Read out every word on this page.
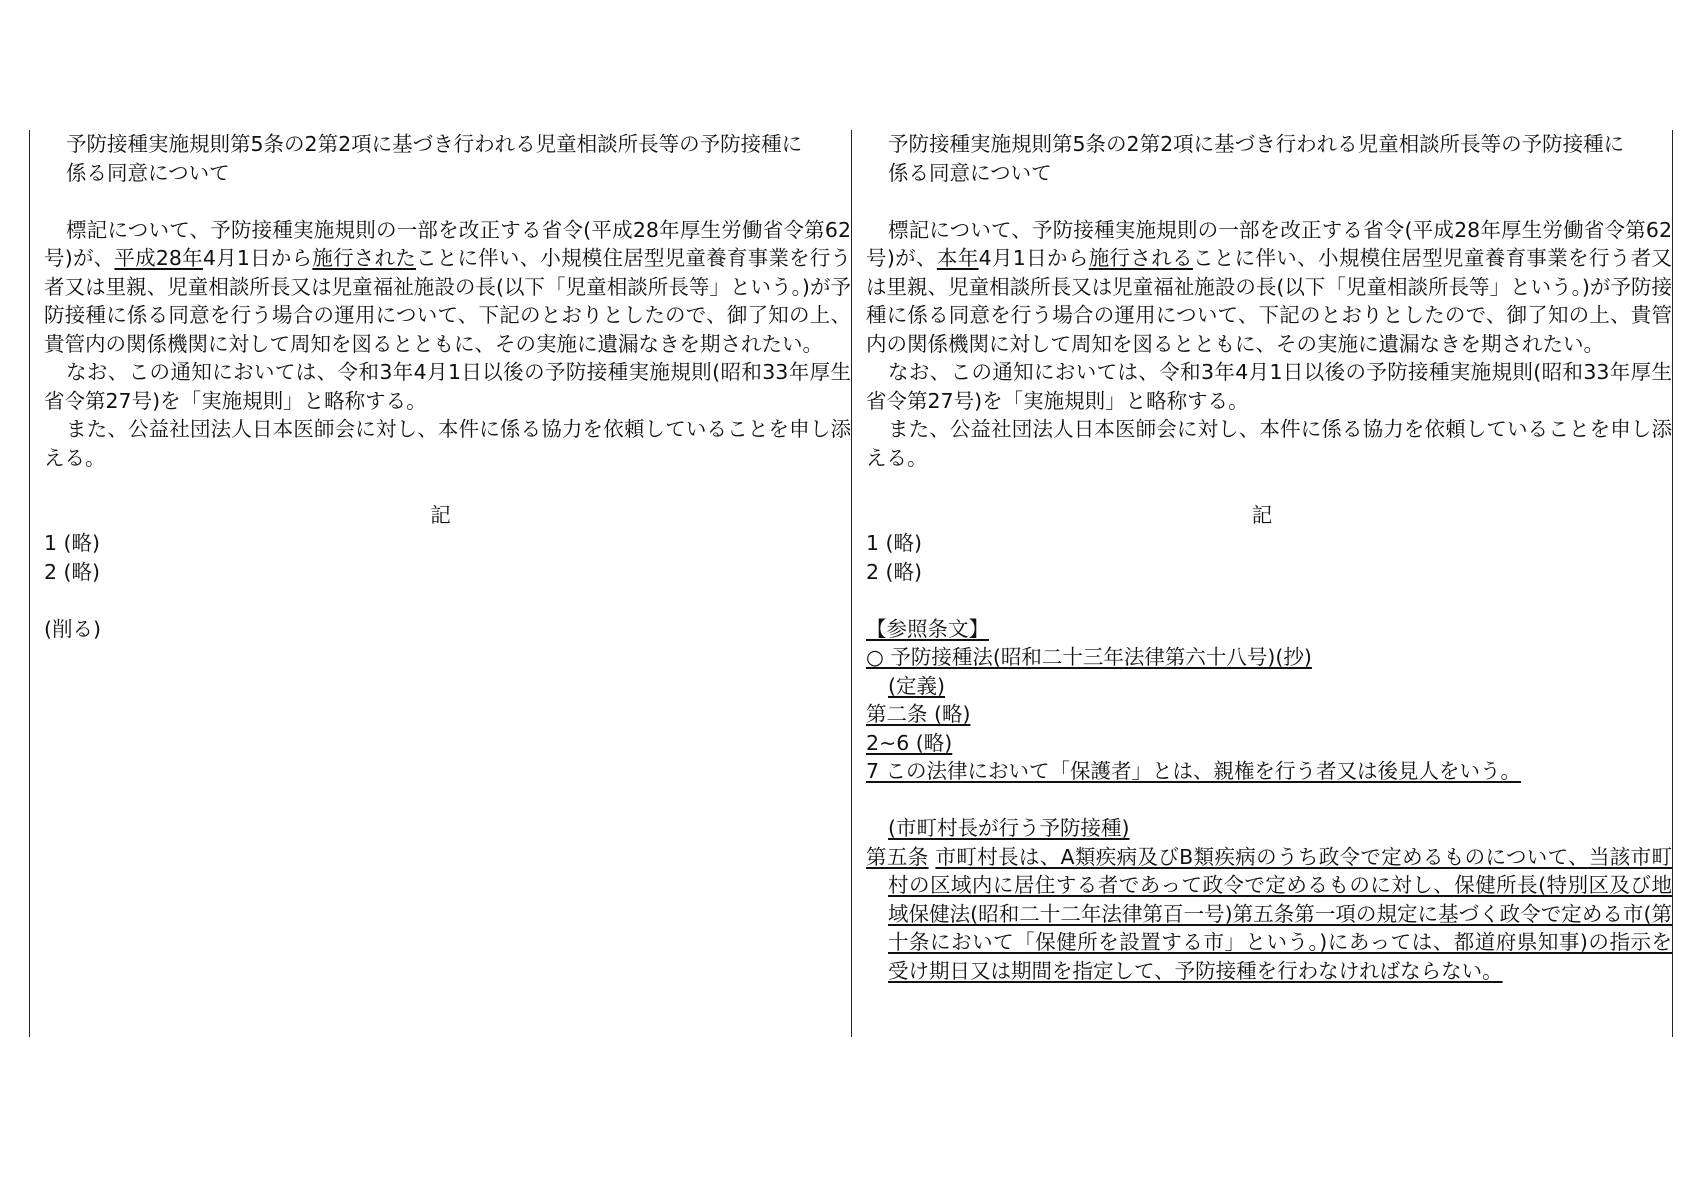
予防接種実施規則第5条の2第2項に基づき行われる児童相談所長等の予防接種に
係る同意について
標記について、予防接種実施規則の一部を改正する省令(平成28年厚生労働省令第62号)が、平成28年4月1日から施行されたことに伴い、小規模住居型児童養育事業を行う者又は里親、児童相談所長又は児童福祉施設の長(以下「児童相談所長等」という。)が予防接種に係る同意を行う場合の運用について、下記のとおりとしたので、御了知の上、貴管内の関係機関に対して周知を図るとともに、その実施に遺漏なきを期されたい。
なお、この通知においては、令和3年4月1日以後の予防接種実施規則(昭和33年厚生省令第27号)を「実施規則」と略称する。
また、公益社団法人日本医師会に対し、本件に係る協力を依頼していることを申し添える。
記
1 (略)
2 (略)
(削る)
予防接種実施規則第5条の2第2項に基づき行われる児童相談所長等の予防接種に
係る同意について
標記について、予防接種実施規則の一部を改正する省令(平成28年厚生労働省令第62号)が、本年4月1日から施行されることに伴い、小規模住居型児童養育事業を行う者又は里親、児童相談所長又は児童福祉施設の長(以下「児童相談所長等」という。)が予防接種に係る同意を行う場合の運用について、下記のとおりとしたので、御了知の上、貴管内の関係機関に対して周知を図るとともに、その実施に遺漏なきを期されたい。
なお、この通知においては、令和3年4月1日以後の予防接種実施規則(昭和33年厚生省令第27号)を「実施規則」と略称する。
また、公益社団法人日本医師会に対し、本件に係る協力を依頼していることを申し添える。
記
1 (略)
2 (略)
【参照条文】
○ 予防接種法(昭和二十三年法律第六十八号)(抄)
(定義)
第二条 (略)
2~6 (略)
7 この法律において「保護者」とは、親権を行う者又は後見人をいう。
(市町村長が行う予防接種)
第五条 市町村長は、A類疾病及びB類疾病のうち政令で定めるものについて、当該市町村の区域内に居住する者であって政令で定めるものに対し、保健所長(特別区及び地域保健法(昭和二十二年法律第百一号)第五条第一項の規定に基づく政令で定める市(第十条において「保健所を設置する市」という。)にあっては、都道府県知事)の指示を受け期日又は期間を指定して、予防接種を行わなければならない。
